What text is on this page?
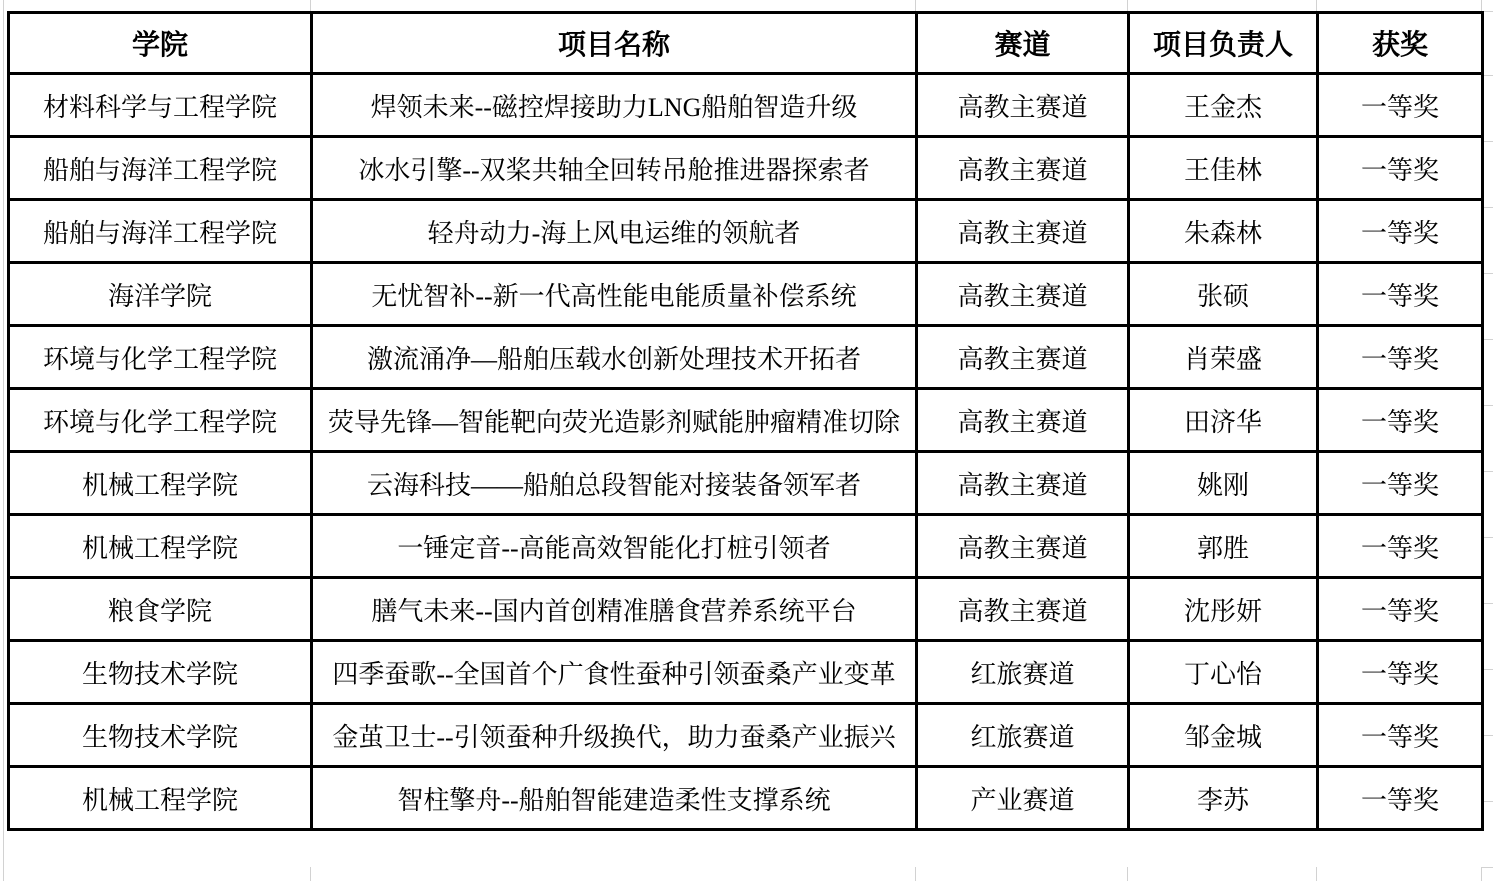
学院	项目名称	赛道	项目负责人	获奖
材料科学与工程学院	焊领未来--磁控焊接助力LNG船舶智造升级	高教主赛道	王金杰	一等奖
船舶与海洋工程学院	冰水引擎--双桨共轴全回转吊舱推进器探索者	高教主赛道	王佳林	一等奖
船舶与海洋工程学院	轻舟动力-海上风电运维的领航者	高教主赛道	朱森林	一等奖
海洋学院	无忧智补--新一代高性能电能质量补偿系统	高教主赛道	张硕	一等奖
环境与化学工程学院	激流涌净—船舶压载水创新处理技术开拓者	高教主赛道	肖荣盛	一等奖
环境与化学工程学院	荧导先锋—智能靶向荧光造影剂赋能肿瘤精准切除	高教主赛道	田济华	一等奖
机械工程学院	云海科技——船舶总段智能对接装备领军者	高教主赛道	姚刚	一等奖
机械工程学院	一锤定音--高能高效智能化打桩引领者	高教主赛道	郭胜	一等奖
粮食学院	膳气未来--国内首创精准膳食营养系统平台	高教主赛道	沈彤妍	一等奖
生物技术学院	四季蚕歌--全国首个广食性蚕种引领蚕桑产业变革	红旅赛道	丁心怡	一等奖
生物技术学院	金茧卫士--引领蚕种升级换代，助力蚕桑产业振兴	红旅赛道	邹金城	一等奖
机械工程学院	智柱擎舟--船舶智能建造柔性支撑系统	产业赛道	李苏	一等奖
